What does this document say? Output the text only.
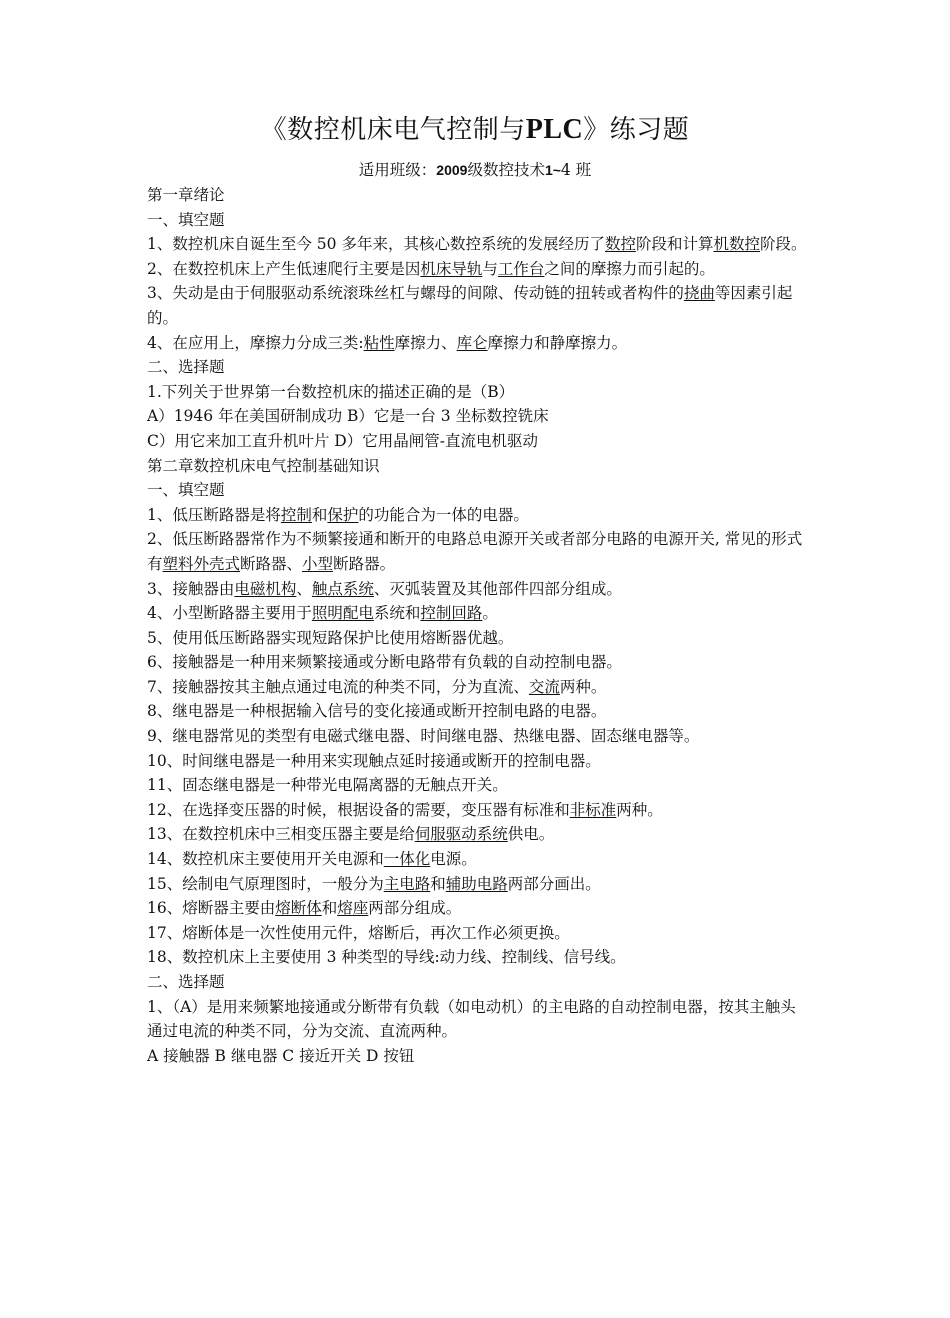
《数控机床电气控制与PLC》练习题
适用班级：2009级数控技术1~4 班

第一章绪论

一、填空题

1、数控机床自诞生至今 50 多年来，其核心数控系统的发展经历了数控阶段和计算机数控阶段。

2、在数控机床上产生低速爬行主要是因机床导轨与工作台之间的摩擦力而引起的。

3、失动是由于伺服驱动系统滚珠丝杠与螺母的间隙、传动链的扭转或者构件的挠曲等因素引起的。

4、在应用上，摩擦力分成三类:粘性摩擦力、库仑摩擦力和静摩擦力。

二、选择题

1.下列关于世界第一台数控机床的描述正确的是（B）

A）1946 年在美国研制成功 B）它是一台 3 坐标数控铣床

C）用它来加工直升机叶片 D）它用晶闸管-直流电机驱动

第二章数控机床电气控制基础知识

一、填空题

1、低压断路器是将控制和保护的功能合为一体的电器。

2、低压断路器常作为不频繁接通和断开的电路总电源开关或者部分电路的电源开关, 常见的形式有塑料外壳式断路器、小型断路器。

3、接触器由电磁机构、触点系统、灭弧装置及其他部件四部分组成。

4、小型断路器主要用于照明配电系统和控制回路。

5、使用低压断路器实现短路保护比使用熔断器优越。

6、接触器是一种用来频繁接通或分断电路带有负载的自动控制电器。

7、接触器按其主触点通过电流的种类不同，分为直流、交流两种。

8、继电器是一种根据输入信号的变化接通或断开控制电路的电器。

9、继电器常见的类型有电磁式继电器、时间继电器、热继电器、固态继电器等。

10、时间继电器是一种用来实现触点延时接通或断开的控制电器。

11、固态继电器是一种带光电隔离器的无触点开关。

12、在选择变压器的时候，根据设备的需要，变压器有标准和非标准两种。

13、在数控机床中三相变压器主要是给伺服驱动系统供电。

14、数控机床主要使用开关电源和一体化电源。

15、绘制电气原理图时，一般分为主电路和辅助电路两部分画出。

16、熔断器主要由熔断体和熔座两部分组成。

17、熔断体是一次性使用元件，熔断后，再次工作必须更换。

18、数控机床上主要使用 3 种类型的导线:动力线、控制线、信号线。

二、选择题

1、（A）是用来频繁地接通或分断带有负载（如电动机）的主电路的自动控制电器，按其主触头通过电流的种类不同，分为交流、直流两种。

A 接触器 B 继电器 C 接近开关 D 按钮
